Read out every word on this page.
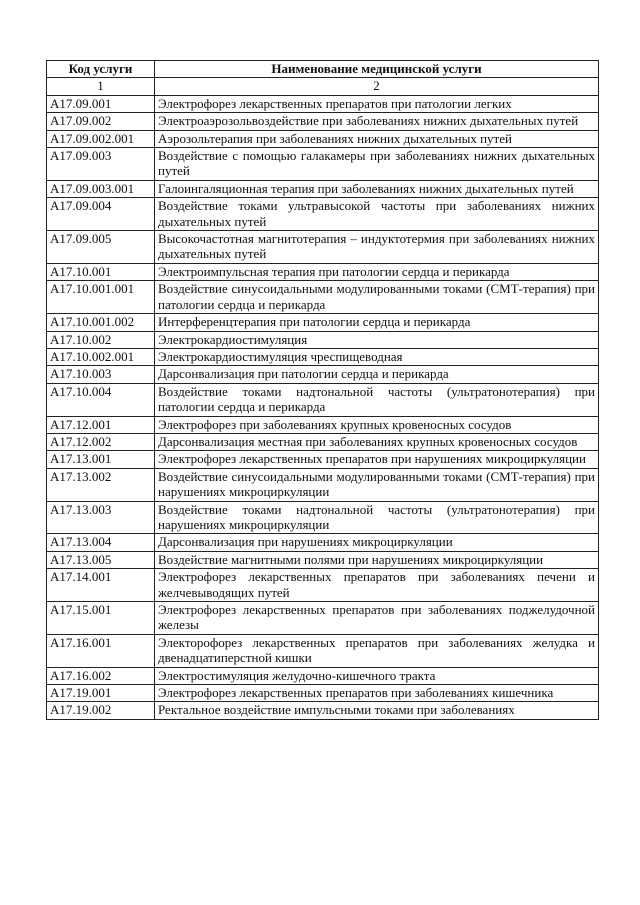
Код услуги	Наименование медицинской услуги
1	2
A17.09.001	Электрофорез лекарственных препаратов при патологии легких
A17.09.002	Электроаэрозольвоздействие при заболеваниях нижних дыхательных путей
A17.09.002.001	Аэрозольтерапия при заболеваниях нижних дыхательных путей
A17.09.003	Воздействие с помощью галакамеры при заболеваниях нижних дыхательных путей
A17.09.003.001	Галоингаляционная терапия при заболеваниях нижних дыхательных путей
A17.09.004	Воздействие токами ультравысокой частоты при заболеваниях нижних дыхательных путей
A17.09.005	Высокочастотная магнитотерапия – индуктотермия при заболеваниях нижних дыхательных путей
A17.10.001	Электроимпульсная терапия при патологии сердца и перикарда
A17.10.001.001	Воздействие синусоидальными модулированными токами (СМТ-терапия) при патологии сердца и перикарда
A17.10.001.002	Интерференцтерапия при патологии сердца и перикарда
A17.10.002	Электрокардиостимуляция
A17.10.002.001	Электрокардиостимуляция чреспищеводная
A17.10.003	Дарсонвализация при патологии сердца и перикарда
A17.10.004	Воздействие токами надтональной частоты (ультратонотерапия) при патологии сердца и перикарда
A17.12.001	Электрофорез при заболеваниях крупных кровеносных сосудов
A17.12.002	Дарсонвализация местная при заболеваниях крупных кровеносных сосудов
A17.13.001	Электрофорез лекарственных препаратов при нарушениях микроциркуляции
A17.13.002	Воздействие синусоидальными модулированными токами (СМТ-терапия) при нарушениях микроциркуляции
A17.13.003	Воздействие токами надтональной частоты (ультратонотерапия) при нарушениях микроциркуляции
A17.13.004	Дарсонвализация при нарушениях микроциркуляции
A17.13.005	Воздействие магнитными полями при нарушениях микроциркуляции
A17.14.001	Электрофорез лекарственных препаратов при заболеваниях печени и желчевыводящих путей
A17.15.001	Электрофорез лекарственных препаратов при заболеваниях поджелудочной железы
A17.16.001	Электорофорез лекарственных препаратов при заболеваниях желудка и двенадцатиперстной кишки
A17.16.002	Электростимуляция желудочно-кишечного тракта
A17.19.001	Электрофорез лекарственных препаратов при заболеваниях кишечника
A17.19.002	Ректальное воздействие импульсными токами при заболеваниях
